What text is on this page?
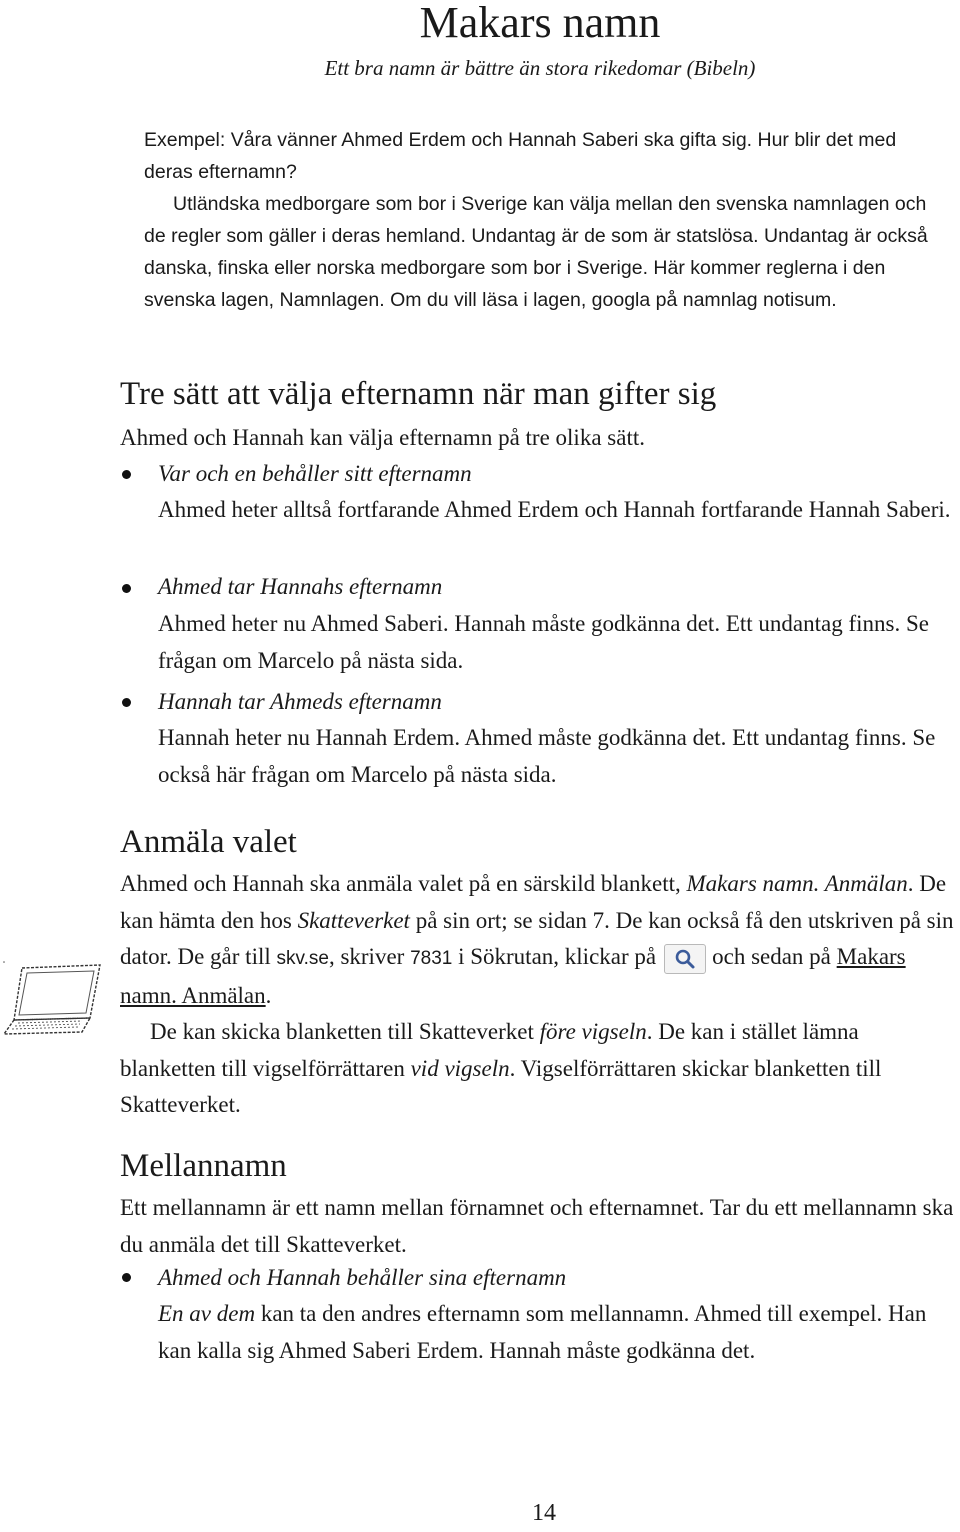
Makars namn
Ett bra namn är bättre än stora rikedomar (Bibeln)

Exempel: Våra vänner Ahmed Erdem och Hannah Saberi ska gifta sig. Hur blir det med deras efternamn?

Utländska medborgare som bor i Sverige kan välja mellan den svenska namnlagen och de regler som gäller i deras hemland. Undantag är de som är statslösa. Undantag är också danska, finska eller norska medborgare som bor i Sverige. Här kommer reglerna i den svenska lagen, Namnlagen. Om du vill läsa i lagen, googla på namnlag notisum.

Tre sätt att välja efternamn när man gifter sig

Ahmed och Hannah kan välja efternamn på tre olika sätt.

Var och en behåller sitt efternamn

Ahmed heter alltså fortfarande Ahmed Erdem och Hannah fortfarande Hannah Saberi.

Ahmed tar Hannahs efternamn

Ahmed heter nu Ahmed Saberi. Hannah måste godkänna det. Ett undantag finns. Se frågan om Marcelo på nästa sida.

Hannah tar Ahmeds efternamn

Hannah heter nu Hannah Erdem. Ahmed måste godkänna det. Ett undantag finns. Se också här frågan om Marcelo på nästa sida.

Anmäla valet

Ahmed och Hannah ska anmäla valet på en särskild blankett, Makars namn. Anmälan. De kan hämta den hos Skatteverket på sin ort; se sidan 7. De kan också få den utskriven på sin dator. De går till skv.se, skriver 7831 i Sökrutan, klickar på och sedan på Makars namn. Anmälan.
De kan skicka blanketten till Skatteverket före vigseln. De kan i stället lämna blanketten till vigselförrättaren vid vigseln. Vigselförrättaren skickar blanketten till Skatteverket.

Mellannamn

Ett mellannamn är ett namn mellan förnamnet och efternamnet. Tar du ett mellannamn ska du anmäla det till Skatteverket.

Ahmed och Hannah behåller sina efternamn

En av dem kan ta den andres efternamn som mellannamn. Ahmed till exempel. Han kan kalla sig Ahmed Saberi Erdem. Hannah måste godkänna det.

14
